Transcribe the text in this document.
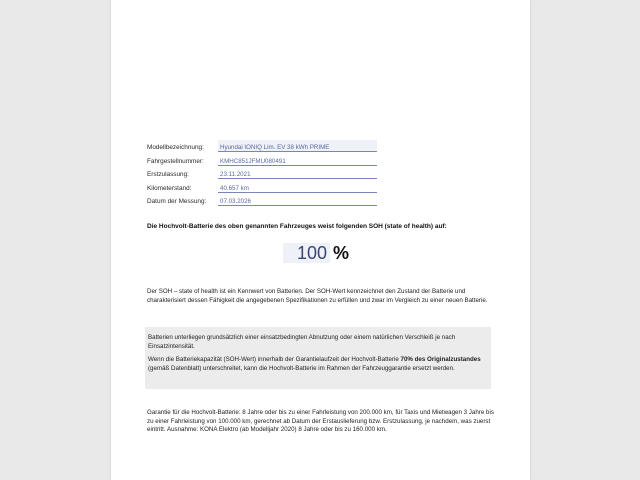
Modellbezeichnung:	Hyundai IONIQ Lim. EV 38 kWh PRIME
Fahrgestellnummer:	KMHC851JFMU080491
Erstzulassung:	23.11.2021
Kilometerstand:	40.657 km
Datum der Messung:	07.03.2026
Die Hochvolt-Batterie des oben genannten Fahrzeuges weist folgenden SOH (state of health) auf:
100 %
Der SOH – state of health ist ein Kennwert von Batterien. Der SOH-Wert kennzeichnet den Zustand der Batterie und charakterisiert dessen Fähigkeit die angegebenen Spezifikationen zu erfüllen und zwar im Vergleich zu einer neuen Batterie.
Batterien unterliegen grundsätzlich einer einsatzbedingten Abnutzung oder einem natürlichen Verschleiß je nach Einsatzintensität.
Wenn die Batteriekapazität (SOH-Wert) innerhalb der Garantielaufzeit der Hochvolt-Batterie 70% des Originalzustandes (gemäß Datenblatt) unterschreitet, kann die Hochvolt-Batterie im Rahmen der Fahrzeuggarantie ersetzt werden.
Garantie für die Hochvolt-Batterie: 8 Jahre oder bis zu einer Fahrleistung von 200.000 km, für Taxis und Mietwagen 3 Jahre bis zu einer Fahrleistung von 100.000 km, gerechnet ab Datum der Erstauslieferung bzw. Erstzulassung, je nachdem, was zuerst eintritt. Ausnahme: KONA Elektro (ab Modelljahr 2020) 8 Jahre oder bis zu 160.000 km.
